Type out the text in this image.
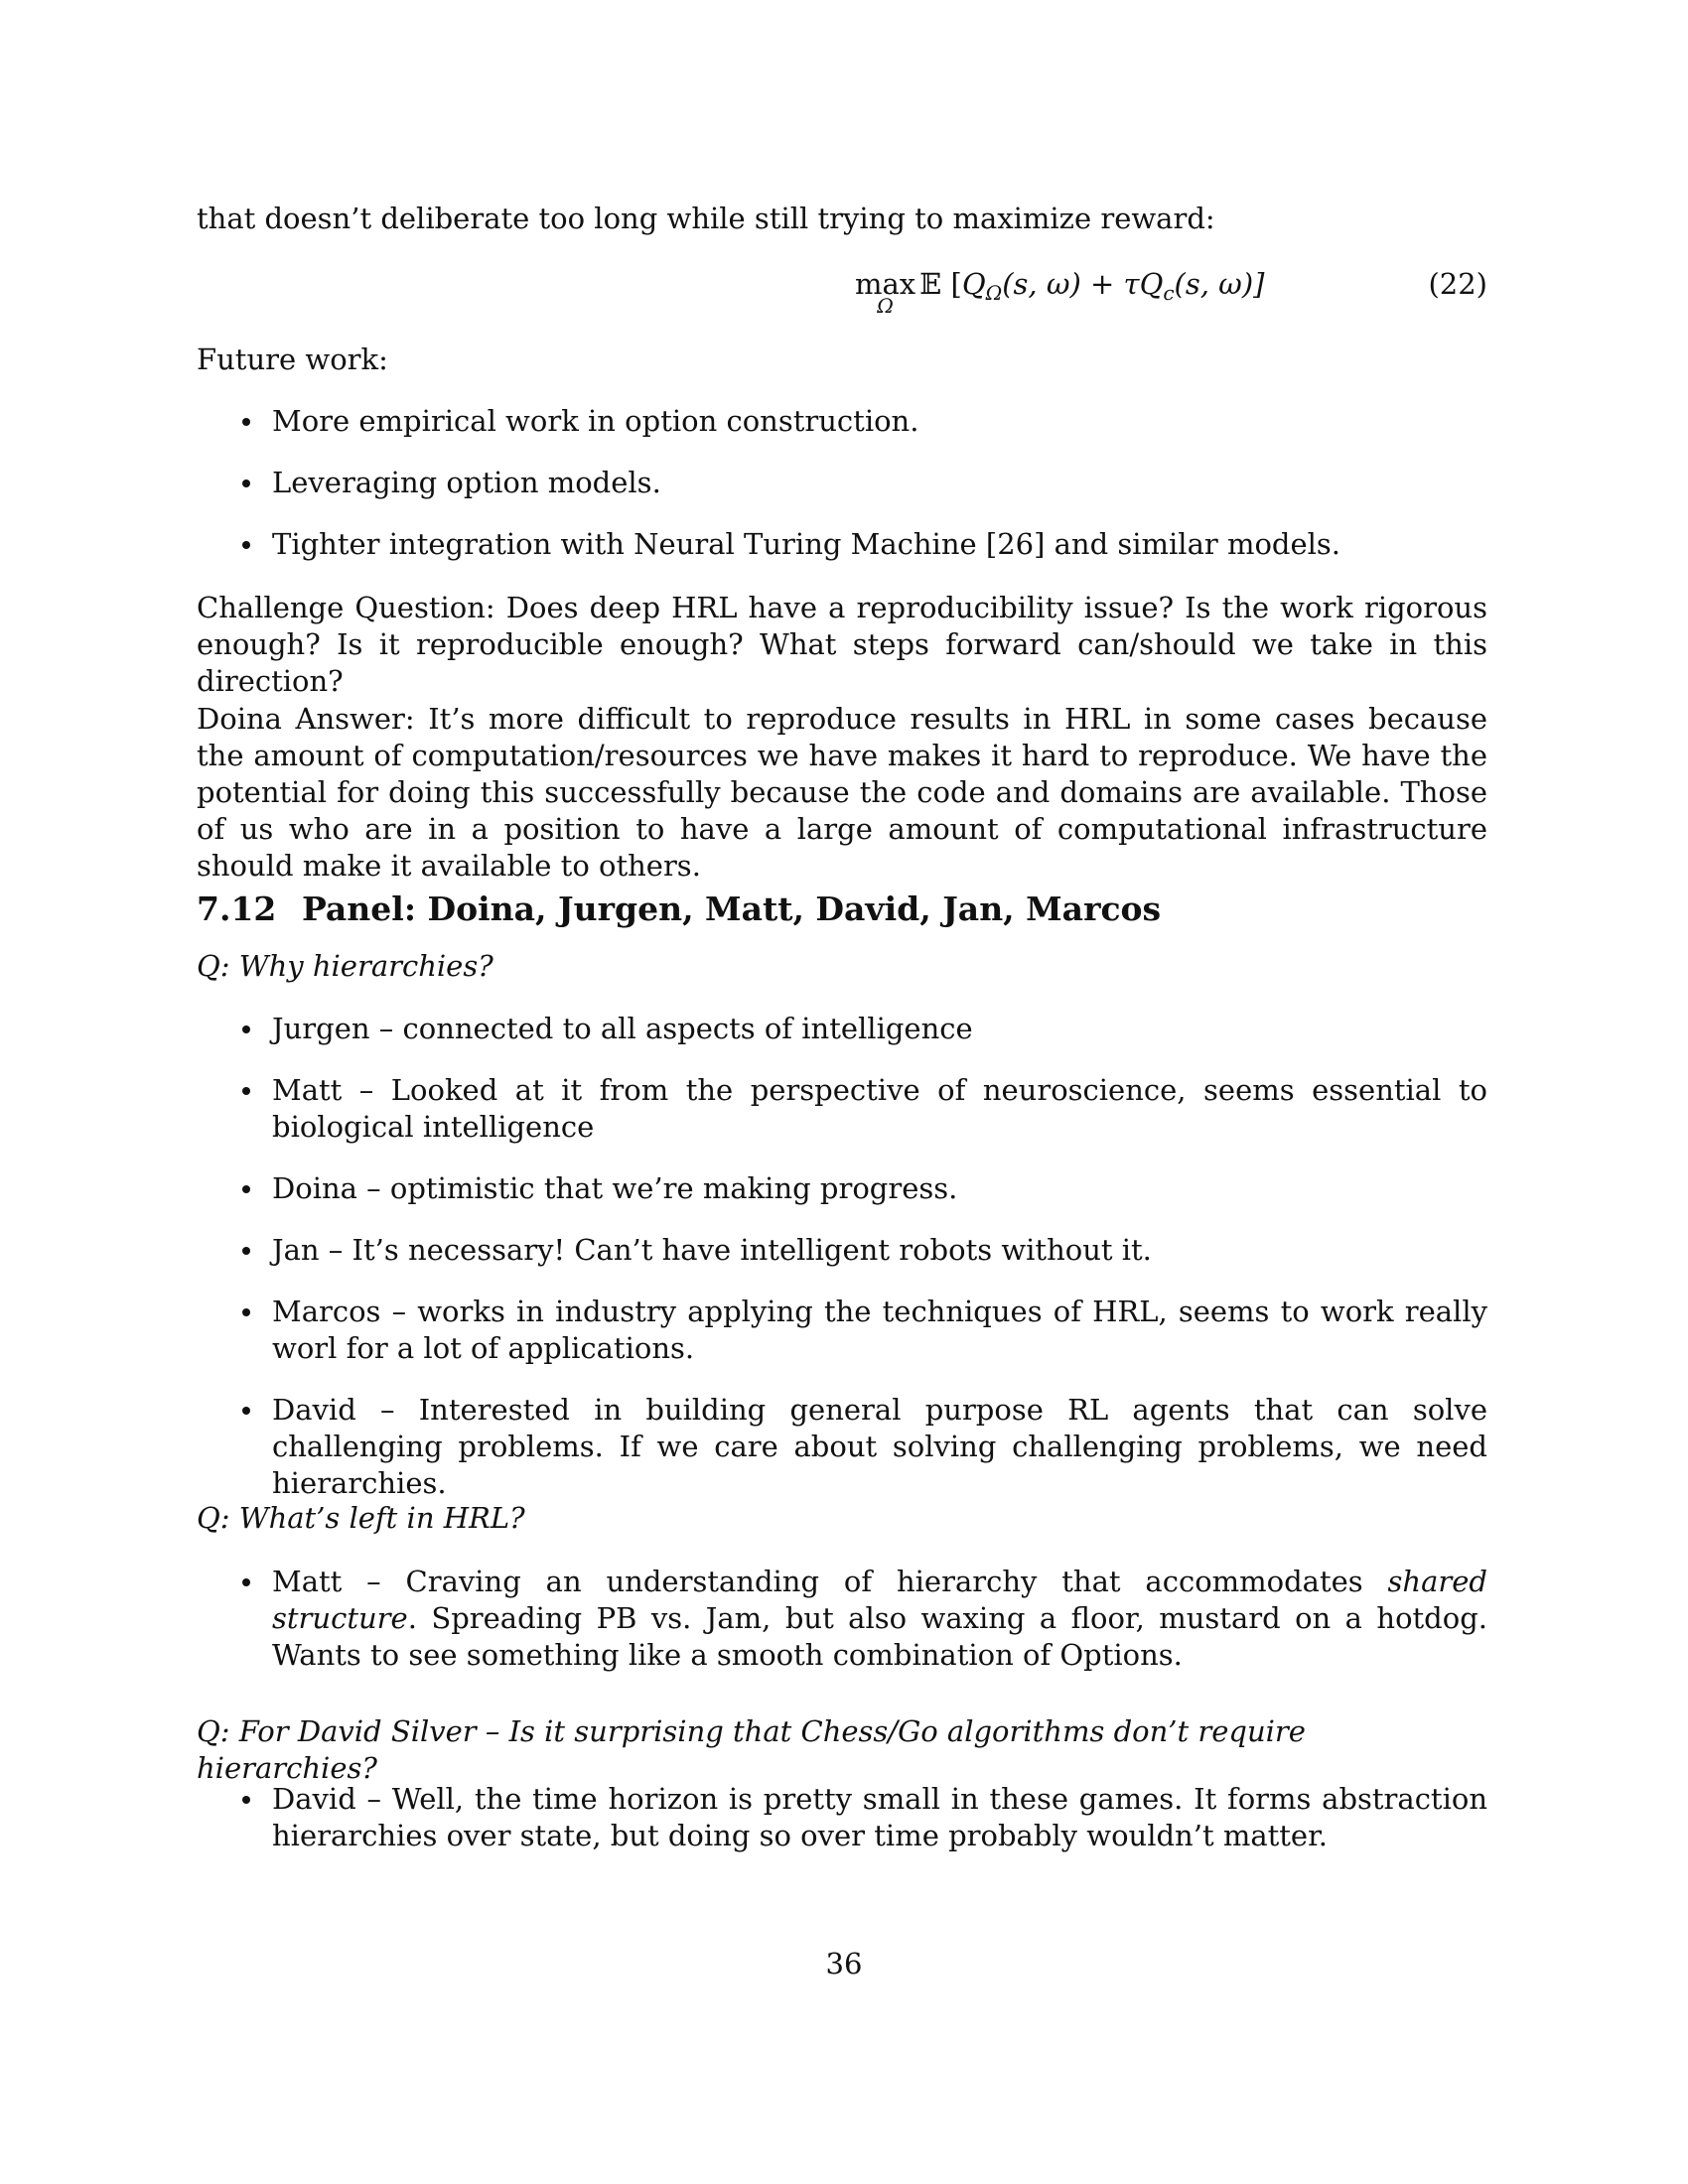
that doesn’t deliberate too long while still trying to maximize reward:

max
Ω
𝔼 [$Q_\Omega(s$, $\omega) + \tau Q_c(s$, ω)]	(22)

Future work:

More empirical work in option construction.
Leveraging option models.
Tighter integration with Neural Turing Machine [26] and similar models.

Challenge Question: Does deep HRL have a reproducibility issue? Is the work rigorous enough? Is it reproducible enough? What steps forward can/should we take in this direction?

Doina Answer: It’s more difficult to reproduce results in HRL in some cases because the amount of computation/resources we have makes it hard to reproduce. We have the potential for doing this successfully because the code and domains are available. Those of us who are in a position to have a large amount of computational infrastructure should make it available to others.

7.12 Panel: Doina, Jurgen, Matt, David, Jan, Marcos

Q: Why hierarchies?

Jurgen – connected to all aspects of intelligence
Matt – Looked at it from the perspective of neuroscience, seems essential to biological intelligence
Doina – optimistic that we’re making progress.
Jan – It’s necessary! Can’t have intelligent robots without it.
Marcos – works in industry applying the techniques of HRL, seems to work really worl for a lot of applications.
David – Interested in building general purpose RL agents that can solve challenging problems. If we care about solving challenging problems, we need hierarchies.

Q: What’s left in HRL?

Matt – Craving an understanding of hierarchy that accommodates shared structure. Spreading PB vs. Jam, but also waxing a floor, mustard on a hotdog. Wants to see something like a smooth combination of Options.

Q: For David Silver – Is it surprising that Chess/Go algorithms don’t require hierarchies?

David – Well, the time horizon is pretty small in these games. It forms abstraction hierarchies over state, but doing so over time probably wouldn’t matter.
36
